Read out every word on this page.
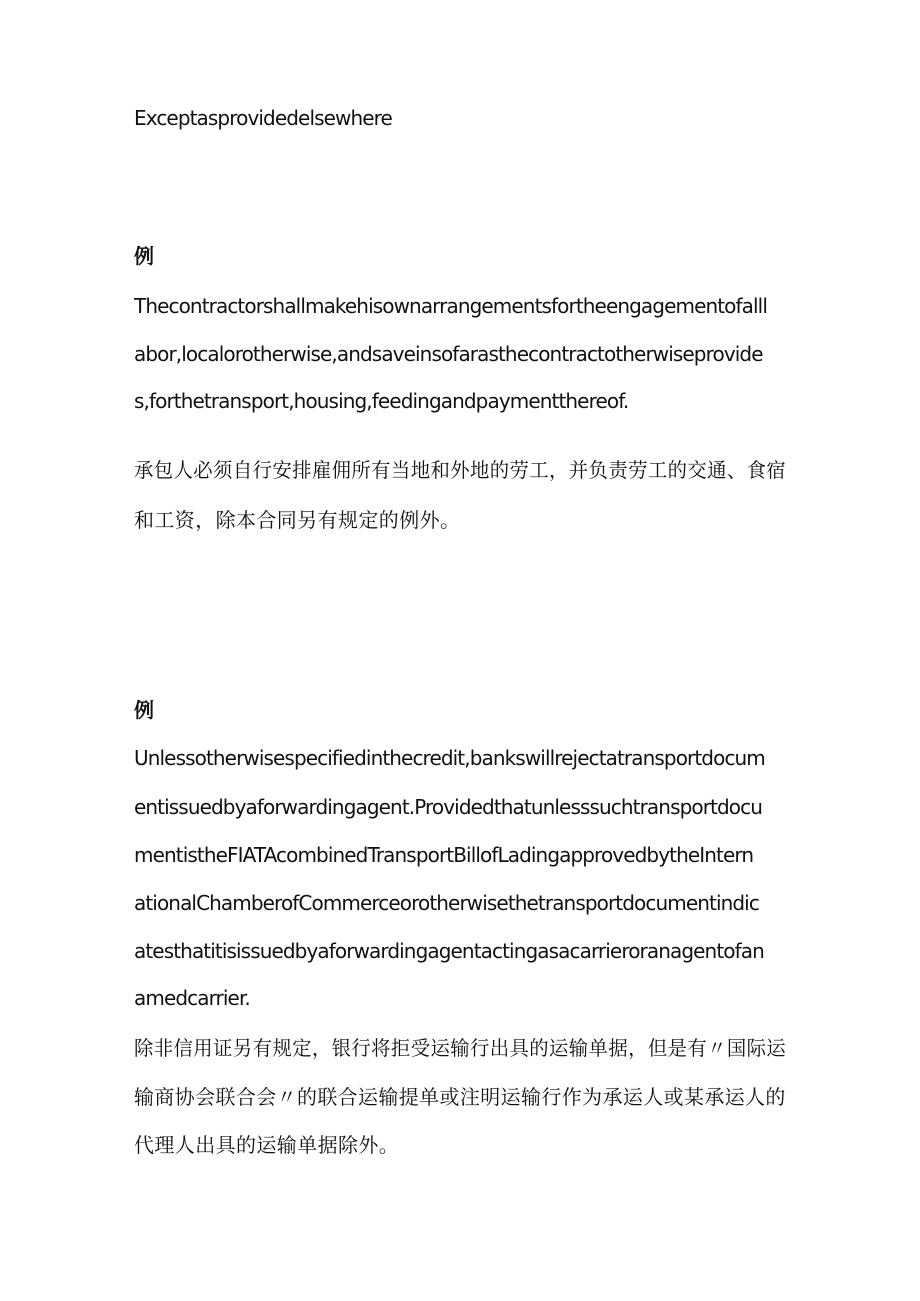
Exceptasprovidedelsewhere

例

Thecontractorshallmakehisownarrangementsfortheengagementofalll

abor,localorotherwise,andsaveinsofarasthecontractotherwiseprovide

s,forthetransport,housing,feedingandpaymentthereof.

承包人必须自行安排雇佣所有当地和外地的劳工，并负责劳工的交通、食宿

和工资，除本合同另有规定的例外。

例

Unlessotherwisespecifiedinthecredit,bankswillrejectatransportdocum

entissuedbyaforwardingagent.Providedthatunlesssuchtransportdocu

mentistheFIATAcombinedTransportBillofLadingapprovedbytheIntern

ationalChamberofCommerceorotherwisethetransportdocumentindic

atesthatitisissuedbyaforwardingagentactingasacarrieroranagentofan

amedcarrier.

除非信用证另有规定，银行将拒受运输行出具的运输单据，但是有〃国际运

输商协会联合会〃的联合运输提单或注明运输行作为承运人或某承运人的

代理人出具的运输单据除外。
